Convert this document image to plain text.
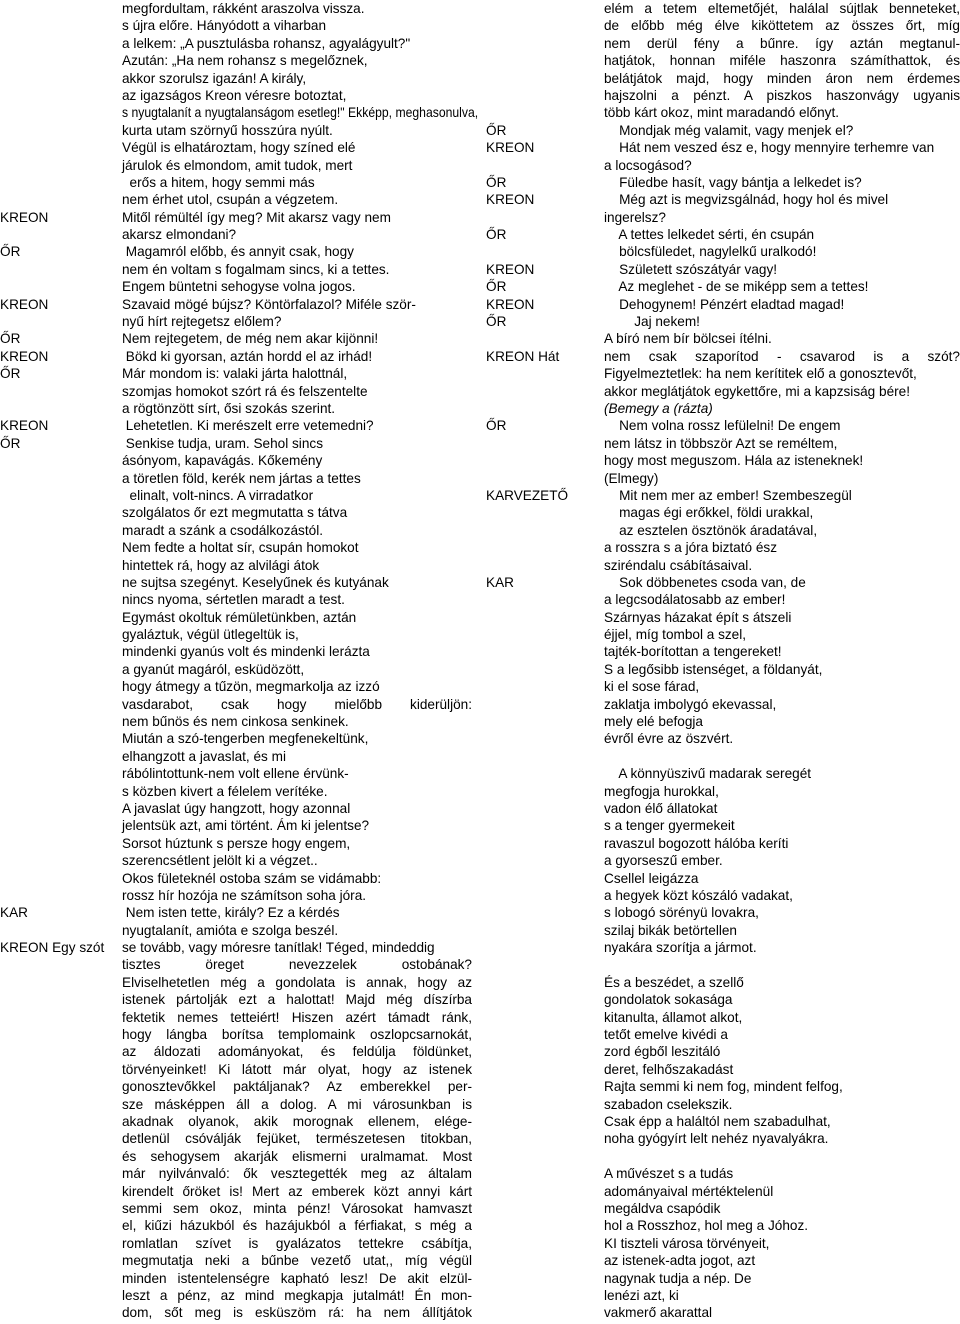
megfordultam, rákként araszolva vissza.
s újra előre. Hányódott a viharban
a lelkem: „A pusztulásba rohansz, agyalágyult?"
Azután: „Ha nem rohansz s megelőznek,
akkor szorulsz igazán! A király,
az igazságos Kreon véresre botoztat,
s nyugtalanít a nyugtalanságom esetleg!" Ekképp, meghasonulva,
kurta utam szörnyű hosszúra nyúlt.
Végül is elhatároztam, hogy színed elé
járulok és elmondom, amit tudok, mert
erős a hitem, hogy semmi más
nem érhet utol, csupán a végzetem.
KREON	Mitől rémültél így meg? Mit akarsz vagy nem
akarsz elmondani?
ŐR	Magamról előbb, és annyit csak, hogy
nem én voltam s fogalmam sincs, ki a tettes.
Engem büntetni sehogyse volna jogos.
KREON	Szavaid mögé bújsz? Köntörfalazol? Miféle ször-
nyű hírt rejtegetsz előlem?
ŐR	Nem rejtegetem, de még nem akar kijönni!
KREON	Bökd ki gyorsan, aztán hordd el az irhád!
ŐR	Már mondom is: valaki járta halottnál,
szomjas homokot szórt rá és felszentelte
a rögtönzött sírt, ősi szokás szerint.
KREON	Lehetetlen. Ki merészelt erre vetemedni?
ŐR	Senkise tudja, uram. Sehol sincs
ásónyom, kapavágás. Kőkemény
a töretlen föld, kerék nem jártas a tettes
elinalt, volt-nincs. A virradatkor
szolgálatos őr ezt megmutatta s tátva
maradt a szánk a csodálkozástól.
Nem fedte a holtat sír, csupán homokot
hintettek rá, hogy az alvilági átok
ne sujtsa szegényt. Keselyűnek és kutyának
nincs nyoma, sértetlen maradt a test.
Egymást okoltuk rémületünkben, aztán
gyaláztuk, végül ütlegeltük is,
mindenki gyanús volt és mindenki lerázta
a gyanút magáról, esküdözött,
hogy átmegy a tűzön, megmarkolja az izzó
vasdarabot, csak hogy mielőbb kiderüljön:
nem bűnös és nem cinkosa senkinek.
Miután a szó-tengerben megfenekeltünk,
elhangzott a javaslat, és mi
rábólintottunk-nem volt ellene érvünk-
s közben kivert a félelem verítéke.
A javaslat úgy hangzott, hogy azonnal
jelentsük azt, ami történt. Ám ki jelentse?
Sorsot húztunk s persze hogy engem,
szerencsétlent jelölt ki a végzet..
Okos fületeknél ostoba szám se vidámabb:
rossz hír hozója ne számítson soha jóra.
KAR	Nem isten tette, király? Ez a kérdés
nyugtalanít, amióta e szolga beszél.
KREON Egy szót se tovább, vagy móresre tanítlak! Téged, mindeddig
tisztes öreget nevezzelek ostobának?
Elviselhetetlen még a gondolata is annak, hogy az
istenek pártolják ezt a halottat! Majd még díszírba
fektetik nemes tetteiért! Hiszen azért támadt ránk,
hogy lángba borítsa templomaink oszlopcsarnokát,
az áldozati adományokat, és feldúlja földünket,
törvényeinket! Ki látott már olyat, hogy az istenek
gonosztevőkkel paktáljanak? Az emberekkel per-
sze másképpen áll a dolog. A mi városunkban is
akadnak olyanok, akik morognak ellenem, elége-
detlenül csóválják fejüket, természetesen titokban,
és sehogysem akarják elismerni uralmamat. Most
már nyilvánvaló: ők vesztegették meg az általam
kirendelt őröket is! Mert az emberek közt annyi kárt
semmi sem okoz, minta pénz! Városokat hamvaszt
el, kiűzi házukból és hazájukból a férfiakat, s még a
romlatlan szívet is gyalázatos tettekre csábítja,
megmutatja neki a bűnbe vezető utat,, míg végül
minden istentelenségre kapható lesz! De akit elzül-
leszt a pénz, az mind megkapja jutalmát! Én mon-
dom, sőt meg is esküszöm rá: ha nem állítjátok
elém a tetem eltemetőjét, halálal sújtlak benneteket,
de előbb még élve kiköttetem az összes őrt, míg
nem derül fény a bűnre. így aztán megtanul-
hatjátok, honnan miféle haszonra számíthattok, és
belátjátok majd, hogy minden áron nem érdemes
hajszolni a pénzt. A piszkos haszonvágy ugyanis
több kárt okoz, mint maradandó előnyt.
ŐR	Mondjak még valamit, vagy menjek el?
KREON	Hát nem veszed ész e, hogy mennyire terhemre van
a locsogásod?
ŐR	Füledbe hasít, vagy bántja a lelkedet is?
KREON	Még azt is megvizsgálnád, hogy hol és mivel
ingerelsz?
ŐR	A tettes lelkedet sérti, én csupán
bölcsfüledet, nagylelkű uralkodó!
KREON	Született szószátyár vagy!
ŐR	Az meglehet - de se miképp sem a tettes!
KREON	Dehogynem! Pénzért eladtad magad!
ŐR	Jaj nekem!
A bíró nem bír bölcsei ítélni.
KREON Hát	nem csak szaporítod - csavarod is a szót?
Figyelmeztetlek: ha nem kerítitek elő a gonosztevőt,
akkor meglátjátok egykettőre, mi a kapzsiság bére!
(Bemegy a (rázta)
ŐR	Nem volna rossz lefülelni! De engem
nem látsz in többször Azt se reméltem,
hogy most meguszom. Hála az isteneknek!
(Elmegy)
KARVEZETŐ	Mit nem mer az ember! Szembeszegül
magas égi erőkkel, földi urakkal,
az esztelen ösztönök áradatával,
a rosszra s a jóra biztató ész
sziréndalu csábításaival.
KAR	Sok döbbenetes csoda van, de
a legcsodálatosabb az ember!
Szárnyas házakat épít s átszeli
éjjel, míg tombol a szel,
tajték-borítottan a tengereket!
S a legősibb istenséget, a földanyát,
ki el sose fárad,
zaklatja imbolygó ekevassal,
mely elé befogja
évről évre az öszvért.
A könnyüszivű madarak seregét
megfogja hurokkal,
vadon élő állatokat
s a tenger gyermekeit
ravaszul bogozott hálóba keríti
a gyorseszű ember.
Csellel leigázza
a hegyek közt kószáló vadakat,
s lobogó sörényü lovakra,
szilaj bikák betörtellen
nyakára szorítja a jármot.
És a beszédet, a szellő
gondolatok sokasága
kitanulta, államot alkot,
tetőt emelve kivédi a
zord égből leszitáló
deret, felhőszakadást
Rajta semmi ki nem fog, mindent felfog,
szabadon cselekszik.
Csak épp a haláltól nem szabadulhat,
noha gyógyírt lelt nehéz nyavalyákra.
A művészet s a tudás
adományaival mértéktelenül
megáldva csapódik
hol a Rosszhoz, hol meg a Jóhoz.
KI tiszteli városa törvényeit,
az istenek-adta jogot, azt
nagynak tudja a nép. De
lenézi azt, ki
vakmerő akarattal
